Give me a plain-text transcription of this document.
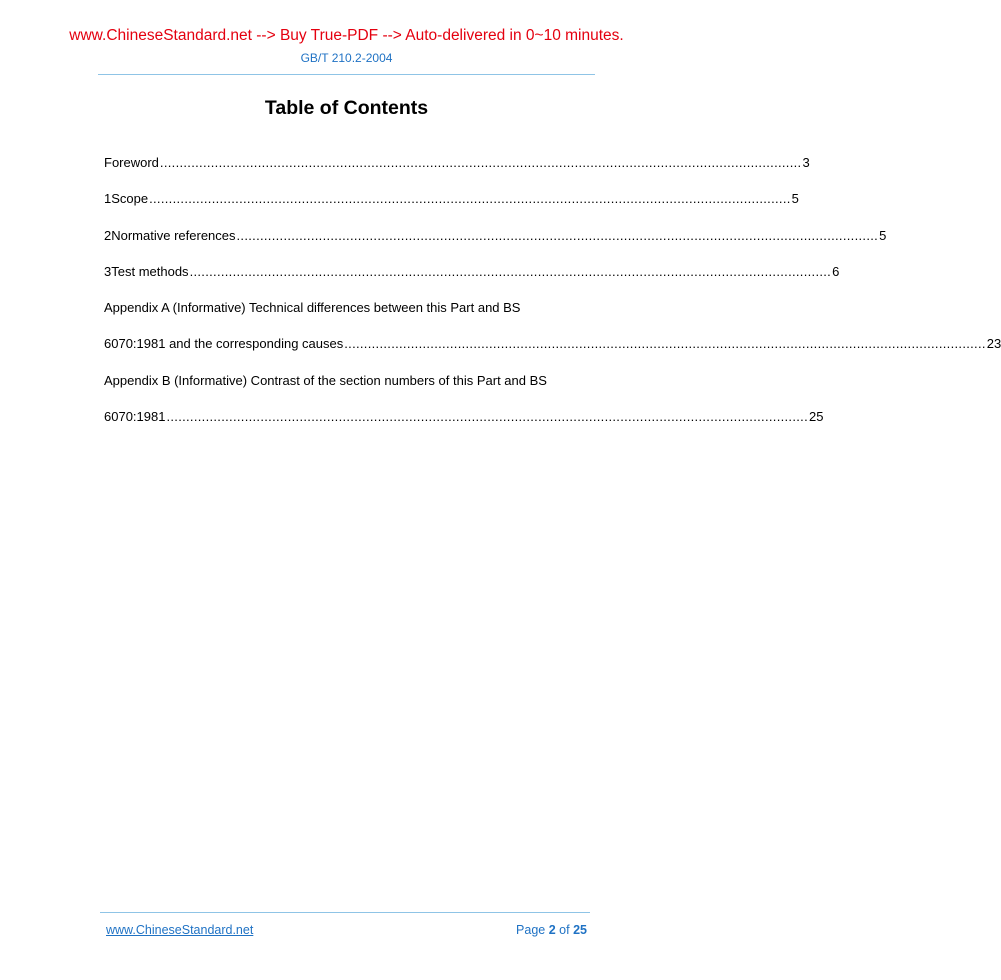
www.ChineseStandard.net --> Buy True-PDF --> Auto-delivered in 0~10 minutes.
GB/T 210.2-2004
Table of Contents
Foreword .................................................................................................................................................................... 3
1 Scope .................................................................................................................................................................... 5
2 Normative references .................................................................................................................................................................... 5
3 Test methods .................................................................................................................................................................... 6
Appendix A (Informative) Technical differences between this Part and BS
6070:1981 and the corresponding causes .................................................................................................................................................................... 23
Appendix B (Informative) Contrast of the section numbers of this Part and BS
6070:1981 .................................................................................................................................................................... 25
www.ChineseStandard.net	Page 2 of 25
